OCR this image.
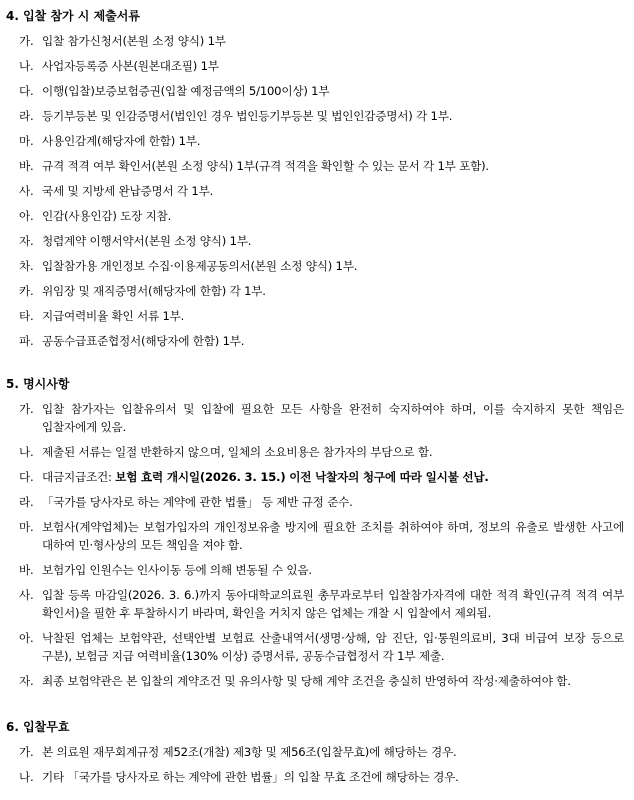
4. 입찰 참가 시 제출서류
가. 입찰 참가신청서(본원 소정 양식) 1부
나. 사업자등록증 사본(원본대조필) 1부
다. 이행(입찰)보증보험증권(입찰 예정금액의 5/100이상) 1부
라. 등기부등본 및 인감증명서(법인인 경우 법인등기부등본 및 법인인감증명서) 각 1부.
마. 사용인감계(해당자에 한함) 1부.
바. 규격 적격 여부 확인서(본원 소정 양식) 1부(규격 적격을 확인할 수 있는 문서 각 1부 포함).
사. 국세 및 지방세 완납증명서 각 1부.
아. 인감(사용인감) 도장 지참.
자. 청렴계약 이행서약서(본원 소정 양식) 1부.
차. 입찰참가용 개인정보 수집·이용제공동의서(본원 소정 양식) 1부.
카. 위임장 및 재직증명서(해당자에 한함) 각 1부.
타. 지급여력비율 확인 서류 1부.
파. 공동수급표준협정서(해당자에 한함) 1부.
5. 명시사항
가. 입찰 참가자는 입찰유의서 및 입찰에 필요한 모든 사항을 완전히 숙지하여야 하며, 이를 숙지하지 못한 책임은 입찰자에게 있음.
나. 제출된 서류는 일절 반환하지 않으며, 일체의 소요비용은 참가자의 부담으로 함.
다. 대금지급조건: 보험 효력 개시일(2026. 3. 15.) 이전 낙찰자의 청구에 따라 일시불 선납.
라. 「국가를 당사자로 하는 계약에 관한 법률」 등 제반 규정 준수.
마. 보험사(계약업체)는 보험가입자의 개인정보유출 방지에 필요한 조치를 취하여야 하며, 정보의 유출로 발생한 사고에 대하여 민·형사상의 모든 책임을 져야 함.
바. 보험가입 인원수는 인사이동 등에 의해 변동될 수 있음.
사. 입찰 등록 마감일(2026. 3. 6.)까지 동아대학교의료원 총무과로부터 입찰참가자격에 대한 적격 확인(규격 적격 여부 확인서)을 필한 후 투찰하시기 바라며, 확인을 거치지 않은 업체는 개찰 시 입찰에서 제외됨.
아. 낙찰된 업체는 보험약관, 선택안별 보험료 산출내역서(생명·상해, 암 진단, 입·통원의료비, 3대 비급여 보장 등으로 구분), 보험금 지급 여력비율(130% 이상) 증명서류, 공동수급협정서 각 1부 제출.
자. 최종 보험약관은 본 입찰의 계약조건 및 유의사항 및 당해 계약 조건을 충실히 반영하여 작성·제출하여야 함.
6. 입찰무효
가. 본 의료원 재무회계규정 제52조(개찰) 제3항 및 제56조(입찰무효)에 해당하는 경우.
나. 기타 「국가를 당사자로 하는 계약에 관한 법률」의 입찰 무효 조건에 해당하는 경우.
